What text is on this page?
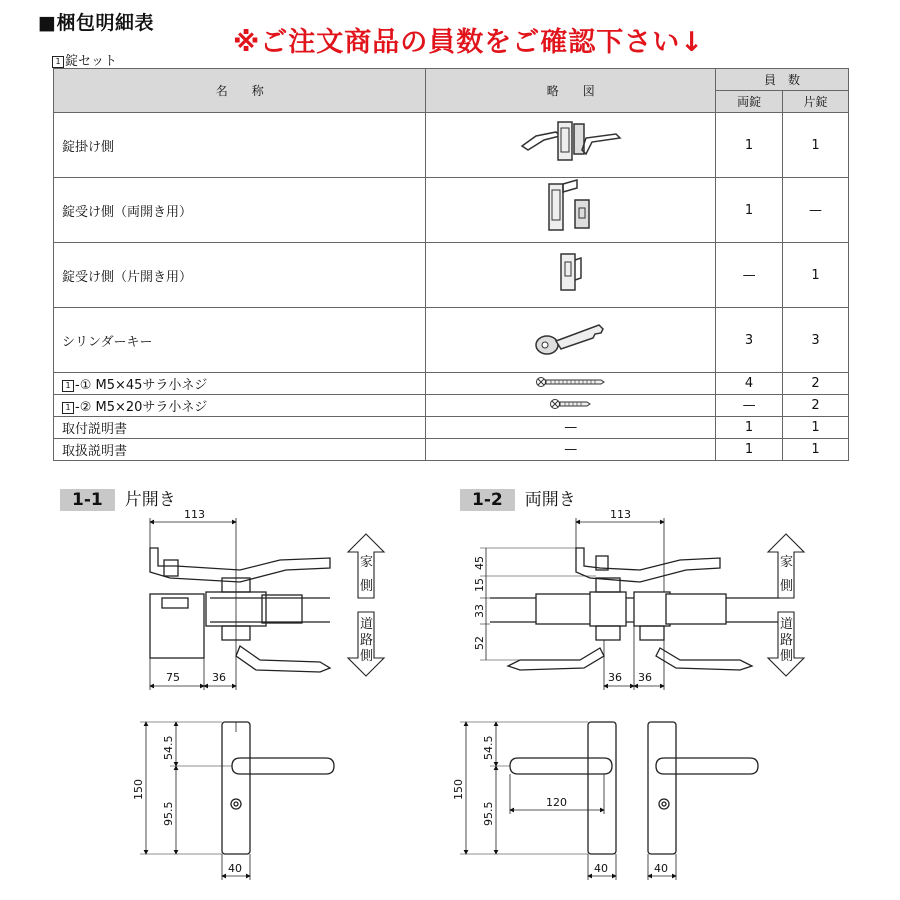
■梱包明細表
※ご注文商品の員数をご確認下さい↓
1 錠セット
名　　称	略　　図	員　数	
		両錠	片錠
錠掛け側		1	1
錠受け側（両開き用）		1	—
錠受け側（片開き用）		—	1
シリンダーキー		3	3
1 -① M5×45サラ小ネジ		4	2
1 -② M5×20サラ小ネジ		—	2
取付説明書	—	1	1
取扱説明書	—	1	1
1-1 片開き	1-2 両開き
113
75	36
113
36 36
45
15
33
52
家
側
道
路
側
家
側
道
路
側
150
54.5
95.5
40
150
54.5
95.5	120
40	40
